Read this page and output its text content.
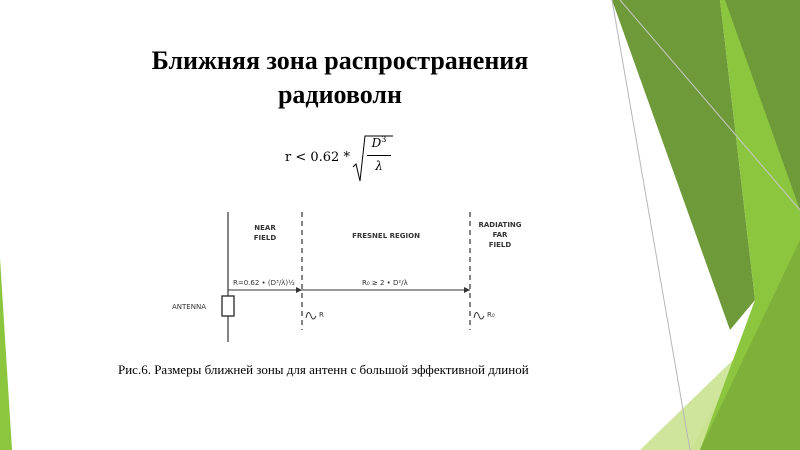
Ближняя зона распространения
радиоволн
r < 0.62 *
$D^3$
λ
NEAR
FIELD	FRESNEL REGION
RADIATING
FAR
FIELD
ANTENNA
R=0.62 • (D³/λ)½	R₀ ≥ 2 • D²/λ
R	R₀
Рис.6. Размеры ближней зоны для антенн с большой эффективной длиной
